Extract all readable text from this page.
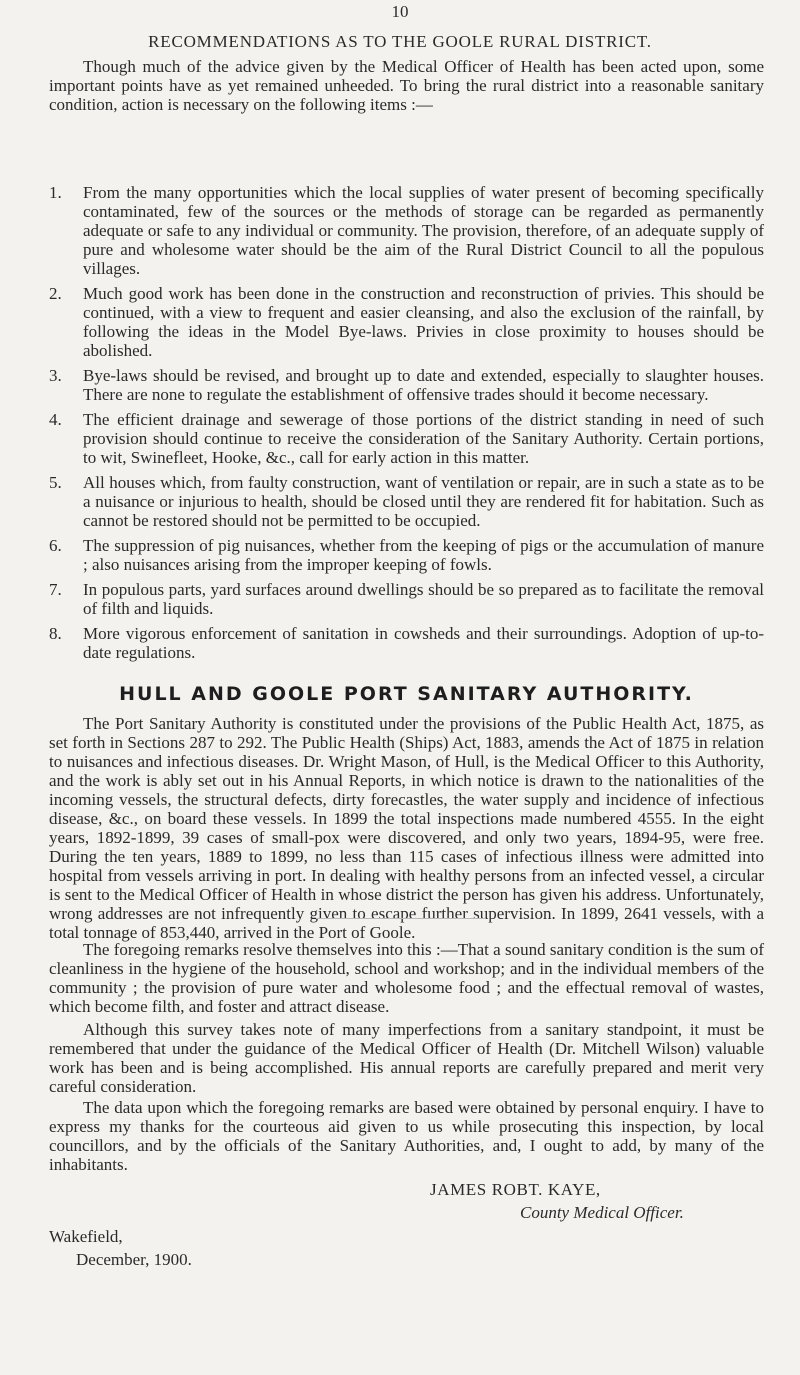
10
RECOMMENDATIONS AS TO THE GOOLE RURAL DISTRICT.

Though much of the advice given by the Medical Officer of Health has been acted upon, some important points have as yet remained unheeded. To bring the rural district into a reasonable sanitary condition, action is necessary on the following items :—

1. From the many opportunities which the local supplies of water present of becoming specifically contaminated, few of the sources or the methods of storage can be regarded as permanently adequate or safe to any individual or community. The provision, therefore, of an adequate supply of pure and wholesome water should be the aim of the Rural District Council to all the populous villages.
2. Much good work has been done in the construction and reconstruction of privies. This should be continued, with a view to frequent and easier cleansing, and also the exclusion of the rainfall, by following the ideas in the Model Bye-laws. Privies in close proximity to houses should be abolished.
3. Bye-laws should be revised, and brought up to date and extended, especially to slaughter houses. There are none to regulate the establishment of offensive trades should it become necessary.
4. The efficient drainage and sewerage of those portions of the district standing in need of such provision should continue to receive the consideration of the Sanitary Authority. Certain portions, to wit, Swinefleet, Hooke, &c., call for early action in this matter.
5. All houses which, from faulty construction, want of ventilation or repair, are in such a state as to be a nuisance or injurious to health, should be closed until they are rendered fit for habitation. Such as cannot be restored should not be permitted to be occupied.
6. The suppression of pig nuisances, whether from the keeping of pigs or the accumulation of manure ; also nuisances arising from the improper keeping of fowls.
7. In populous parts, yard surfaces around dwellings should be so prepared as to facilitate the removal of filth and liquids.
8. More vigorous enforcement of sanitation in cowsheds and their surroundings. Adoption of up-to-date regulations.
HULL AND GOOLE PORT SANITARY AUTHORITY.

The Port Sanitary Authority is constituted under the provisions of the Public Health Act, 1875, as set forth in Sections 287 to 292. The Public Health (Ships) Act, 1883, amends the Act of 1875 in relation to nuisances and infectious diseases. Dr. Wright Mason, of Hull, is the Medical Officer to this Authority, and the work is ably set out in his Annual Reports, in which notice is drawn to the nationalities of the incoming vessels, the structural defects, dirty forecastles, the water supply and incidence of infectious disease, &c., on board these vessels. In 1899 the total inspections made numbered 4555. In the eight years, 1892-1899, 39 cases of small-pox were discovered, and only two years, 1894-95, were free. During the ten years, 1889 to 1899, no less than 115 cases of infectious illness were admitted into hospital from vessels arriving in port. In dealing with healthy persons from an infected vessel, a circular is sent to the Medical Officer of Health in whose district the person has given his address. Unfortunately, wrong addresses are not infrequently given to escape further supervision. In 1899, 2641 vessels, with a total tonnage of 853,440, arrived in the Port of Goole.

The foregoing remarks resolve themselves into this :—That a sound sanitary condition is the sum of cleanliness in the hygiene of the household, school and workshop; and in the individual members of the community ; the provision of pure water and wholesome food ; and the effectual removal of wastes, which become filth, and foster and attract disease.

Although this survey takes note of many imperfections from a sanitary standpoint, it must be remembered that under the guidance of the Medical Officer of Health (Dr. Mitchell Wilson) valuable work has been and is being accomplished. His annual reports are carefully prepared and merit very careful consideration.

JAMES ROBT. KAYE,
County Medical Officer.
Wakefield,
December, 1900.

The data upon which the foregoing remarks are based were obtained by personal enquiry. I have to express my thanks for the courteous aid given to us while prosecuting this inspection, by local councillors, and by the officials of the Sanitary Authorities, and, I ought to add, by many of the inhabitants.
